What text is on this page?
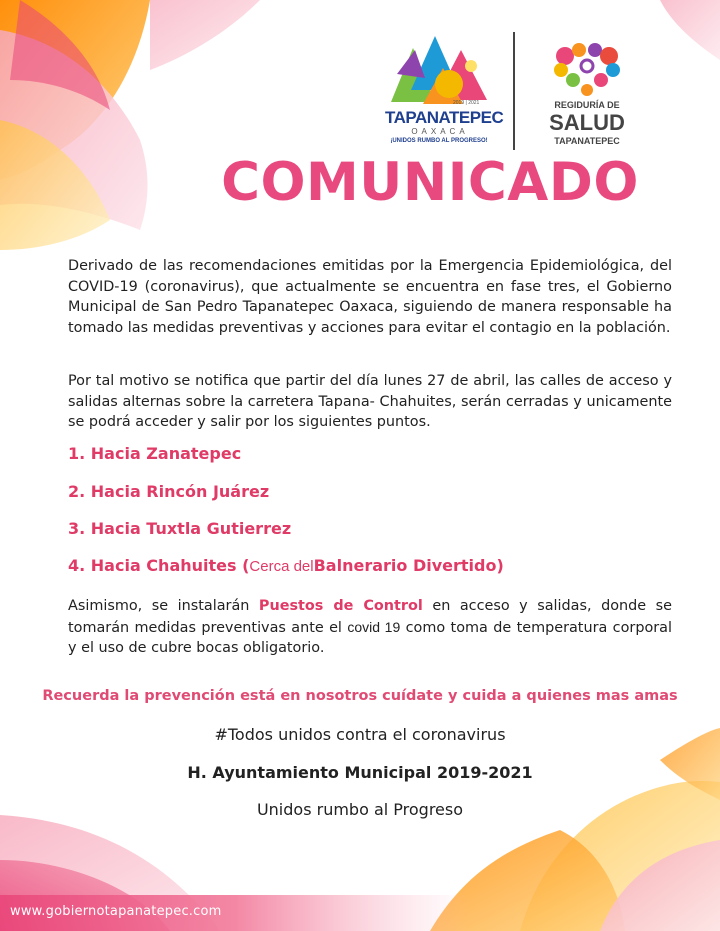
2019 | 2021
TAPANATEPEC
OAXACA
¡UNIDOS RUMBO AL PROGRESO!
REGIDURÍA DE
SALUD
TAPANATEPEC
COMUNICADO
Derivado de las recomendaciones emitidas por la Emergencia Epidemiológica, del COVID-19 (coronavirus), que actualmente se encuentra en fase tres, el Gobierno Municipal de San Pedro Tapanatepec Oaxaca, siguiendo de manera responsable ha tomado las medidas preventivas y acciones para evitar el contagio en la población.
Por tal motivo se notifica que partir del día lunes 27 de abril, las calles de acceso y salidas alternas sobre la carretera Tapana- Chahuites, serán cerradas y unicamente se podrá acceder y salir por los siguientes puntos.
1. Hacia Zanatepec
2. Hacia Rincón Juárez
3. Hacia Tuxtla Gutierrez
4. Hacia Chahuites (Cerca delBalnerario Divertido)
Asimismo, se instalarán Puestos de Control en acceso y salidas, donde se tomarán medidas preventivas ante el covid 19 como toma de temperatura corporal y el uso de cubre bocas obligatorio.
Recuerda la prevención está en nosotros cuídate y cuida a quienes mas amas
#Todos unidos contra el coronavirus
H. Ayuntamiento Municipal 2019-2021
Unidos rumbo al Progreso
www.gobiernotapanatepec.com
